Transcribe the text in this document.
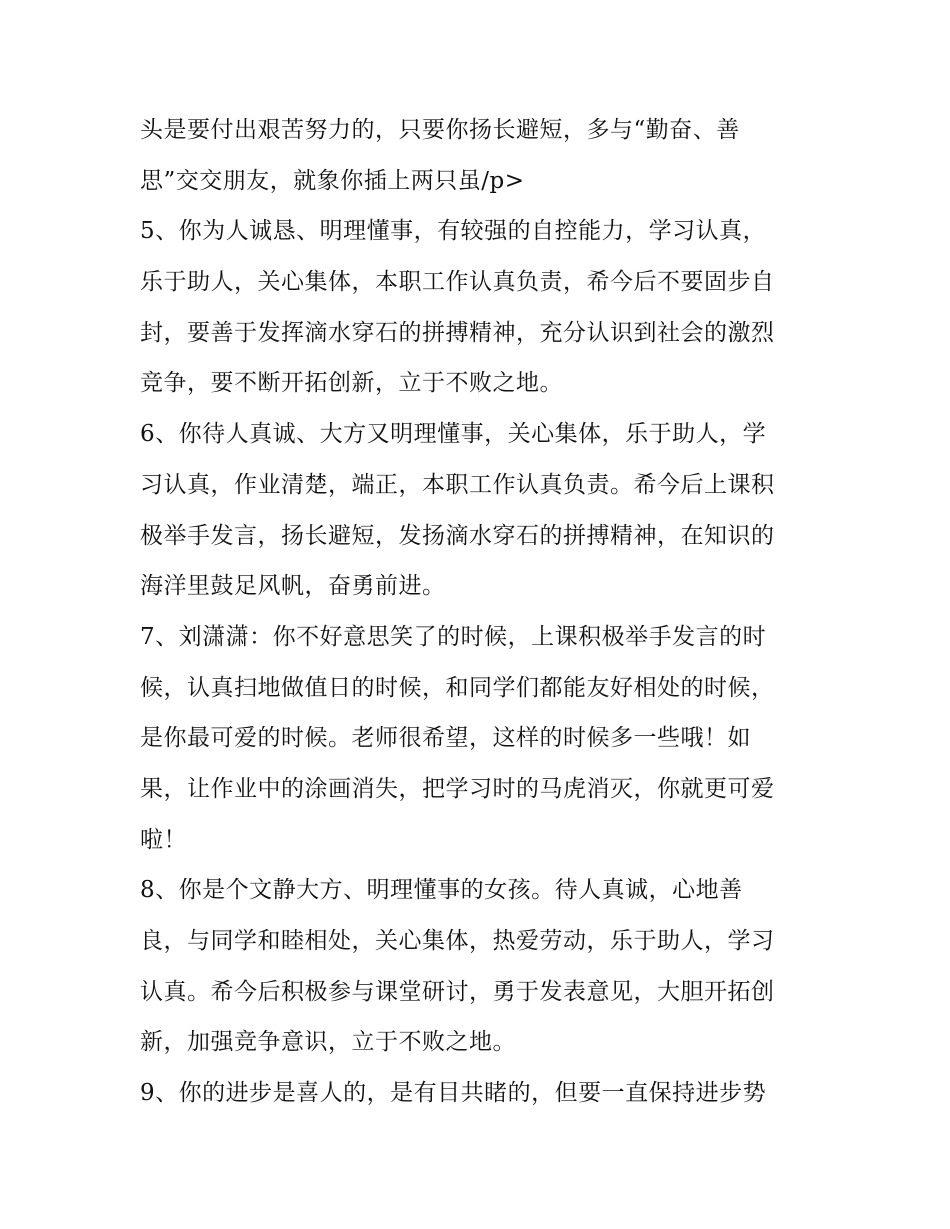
头是要付出艰苦努力的，只要你扬长避短，多与“勤奋、善
思”交交朋友，就象你插上两只虽/p>
5、你为人诚恳、明理懂事，有较强的自控能力，学习认真，
乐于助人，关心集体，本职工作认真负责，希今后不要固步自
封，要善于发挥滴水穿石的拼搏精神，充分认识到社会的激烈
竞争，要不断开拓创新，立于不败之地。
6、你待人真诚、大方又明理懂事，关心集体，乐于助人，学
习认真，作业清楚，端正，本职工作认真负责。希今后上课积
极举手发言，扬长避短，发扬滴水穿石的拼搏精神，在知识的
海洋里鼓足风帆，奋勇前进。
7、刘潇潇：你不好意思笑了的时候，上课积极举手发言的时
候，认真扫地做值日的时候，和同学们都能友好相处的时候，
是你最可爱的时候。老师很希望，这样的时候多一些哦！如
果，让作业中的涂画消失，把学习时的马虎消灭，你就更可爱
啦！
8、你是个文静大方、明理懂事的女孩。待人真诚，心地善
良，与同学和睦相处，关心集体，热爱劳动，乐于助人，学习
认真。希今后积极参与课堂研讨，勇于发表意见，大胆开拓创
新，加强竞争意识，立于不败之地。
9、你的进步是喜人的，是有目共睹的，但要一直保持进步势
